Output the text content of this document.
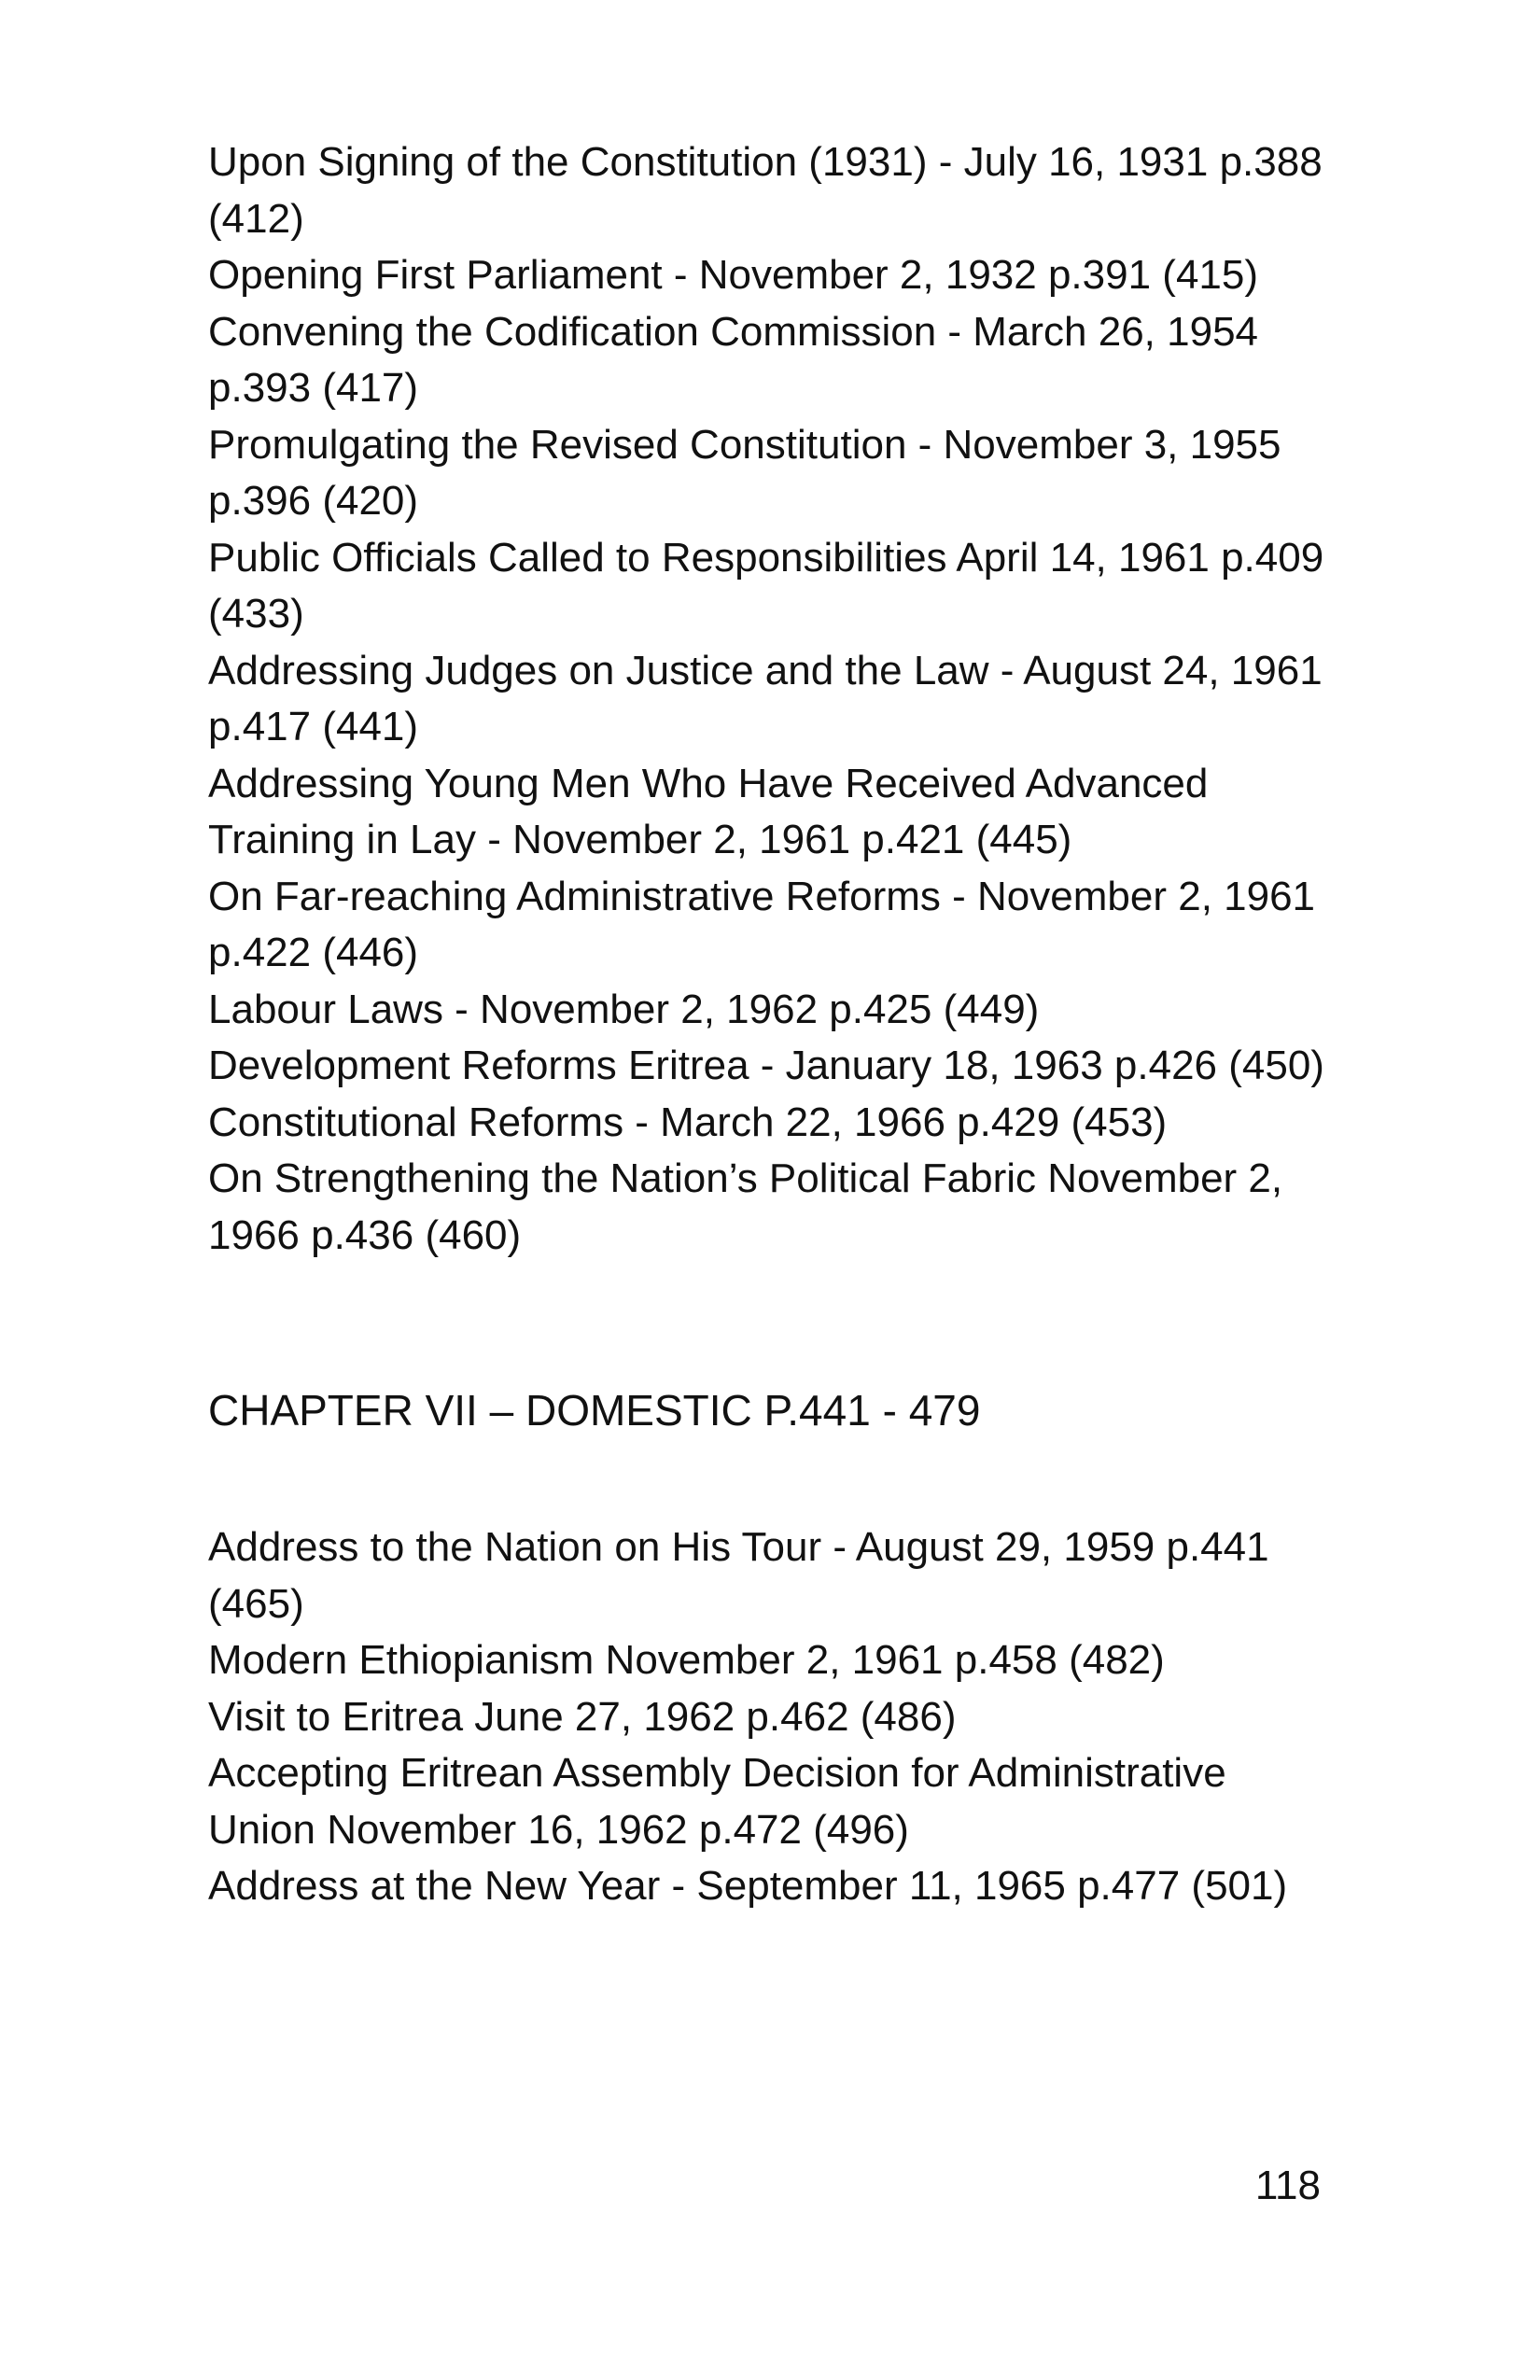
Upon Signing of the Constitution (1931) - July 16, 1931 p.388 (412)
Opening First Parliament - November 2, 1932 p.391 (415)
Convening the Codification Commission - March 26, 1954 p.393 (417)
Promulgating the Revised Constitution - November 3, 1955 p.396 (420)
Public Officials Called to Responsibilities April 14, 1961 p.409 (433)
Addressing Judges on Justice and the Law - August 24, 1961 p.417 (441)
Addressing Young Men Who Have Received Advanced Training in Lay - November 2, 1961 p.421 (445)
On Far-reaching Administrative Reforms - November 2, 1961 p.422 (446)
Labour Laws - November 2, 1962 p.425 (449)
Development Reforms Eritrea - January 18, 1963 p.426 (450)
Constitutional Reforms - March 22, 1966 p.429 (453)
On Strengthening the Nation’s Political Fabric November 2, 1966 p.436 (460)
CHAPTER VII – DOMESTIC P.441 - 479
Address to the Nation on His Tour - August 29, 1959 p.441 (465)
Modern Ethiopianism November 2, 1961 p.458 (482)
Visit to Eritrea June 27, 1962 p.462 (486)
Accepting Eritrean Assembly Decision for Administrative Union November 16, 1962 p.472 (496)
Address at the New Year - September 11, 1965 p.477 (501)
118
